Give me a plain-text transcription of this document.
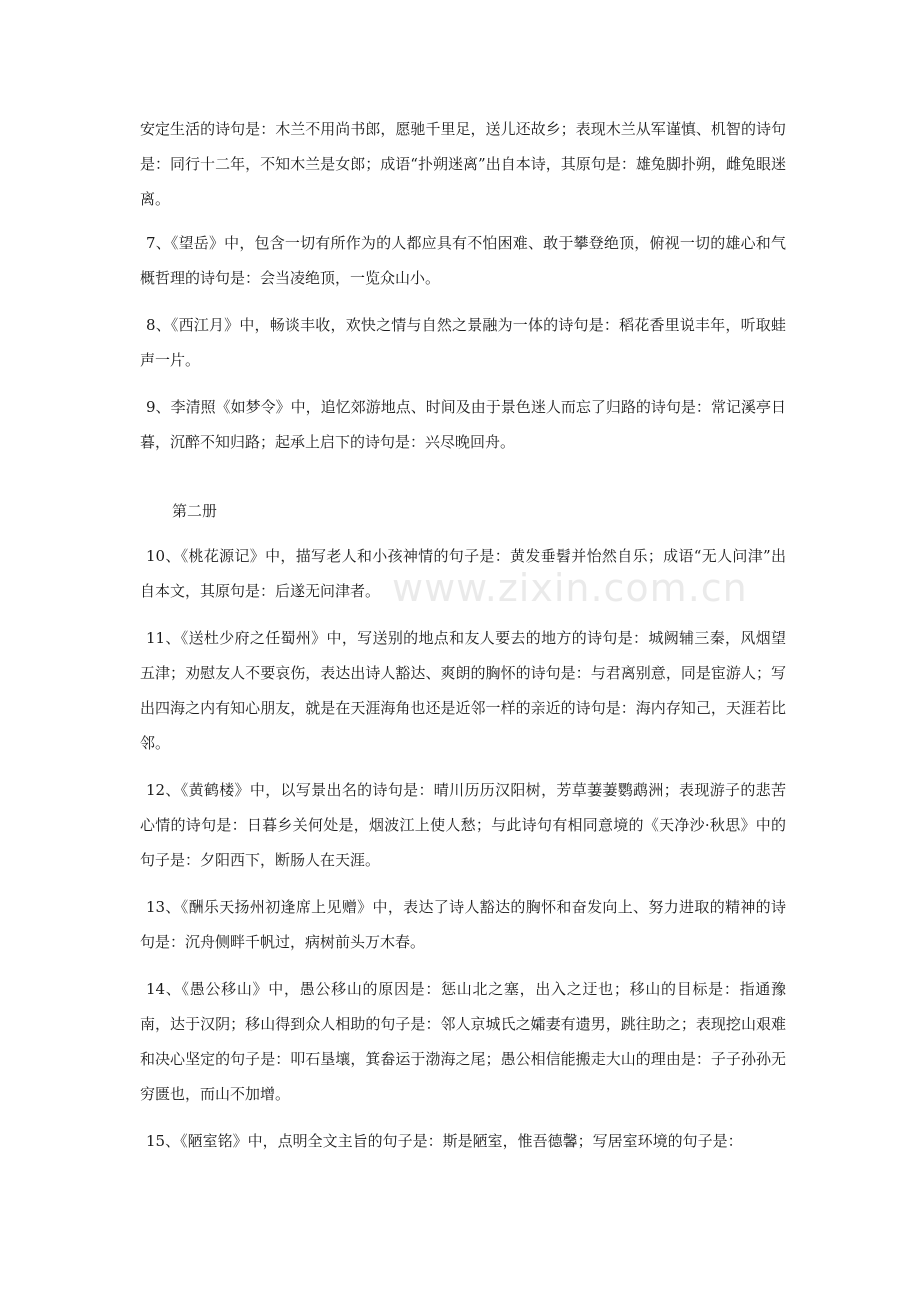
www.zixin.com.cn

安定生活的诗句是：木兰不用尚书郎，愿驰千里足，送儿还故乡；表现木兰从军谨慎、机智的诗句是：同行十二年，不知木兰是女郎；成语“扑朔迷离”出自本诗，其原句是：雄兔脚扑朔，雌兔眼迷离。

7、《望岳》中，包含一切有所作为的人都应具有不怕困难、敢于攀登绝顶，俯视一切的雄心和气概哲理的诗句是：会当凌绝顶，一览众山小。

8、《西江月》中，畅谈丰收，欢快之情与自然之景融为一体的诗句是：稻花香里说丰年，听取蛙声一片。

9、李清照《如梦令》中，追忆郊游地点、时间及由于景色迷人而忘了归路的诗句是：常记溪亭日暮，沉醉不知归路；起承上启下的诗句是：兴尽晚回舟。

第二册

10、《桃花源记》中，描写老人和小孩神情的句子是：黄发垂髫并怡然自乐；成语“无人问津”出自本文，其原句是：后遂无问津者。

11、《送杜少府之任蜀州》中，写送别的地点和友人要去的地方的诗句是：城阙辅三秦，风烟望五津；劝慰友人不要哀伤，表达出诗人豁达、爽朗的胸怀的诗句是：与君离别意，同是宦游人；写出四海之内有知心朋友，就是在天涯海角也还是近邻一样的亲近的诗句是：海内存知己，天涯若比邻。

12、《黄鹤楼》中，以写景出名的诗句是：晴川历历汉阳树，芳草萋萋鹦鹉洲；表现游子的悲苦心情的诗句是：日暮乡关何处是，烟波江上使人愁；与此诗句有相同意境的《天净沙·秋思》中的句子是：夕阳西下，断肠人在天涯。

13、《酬乐天扬州初逢席上见赠》中，表达了诗人豁达的胸怀和奋发向上、努力进取的精神的诗句是：沉舟侧畔千帆过，病树前头万木春。

14、《愚公移山》中，愚公移山的原因是：惩山北之塞，出入之迂也；移山的目标是：指通豫南，达于汉阴；移山得到众人相助的句子是：邻人京城氏之孀妻有遗男，跳往助之；表现挖山艰难和决心坚定的句子是：叩石垦壤，箕畚运于渤海之尾；愚公相信能搬走大山的理由是：子子孙孙无穷匮也，而山不加增。

15、《陋室铭》中，点明全文主旨的句子是：斯是陋室，惟吾德馨；写居室环境的句子是：
